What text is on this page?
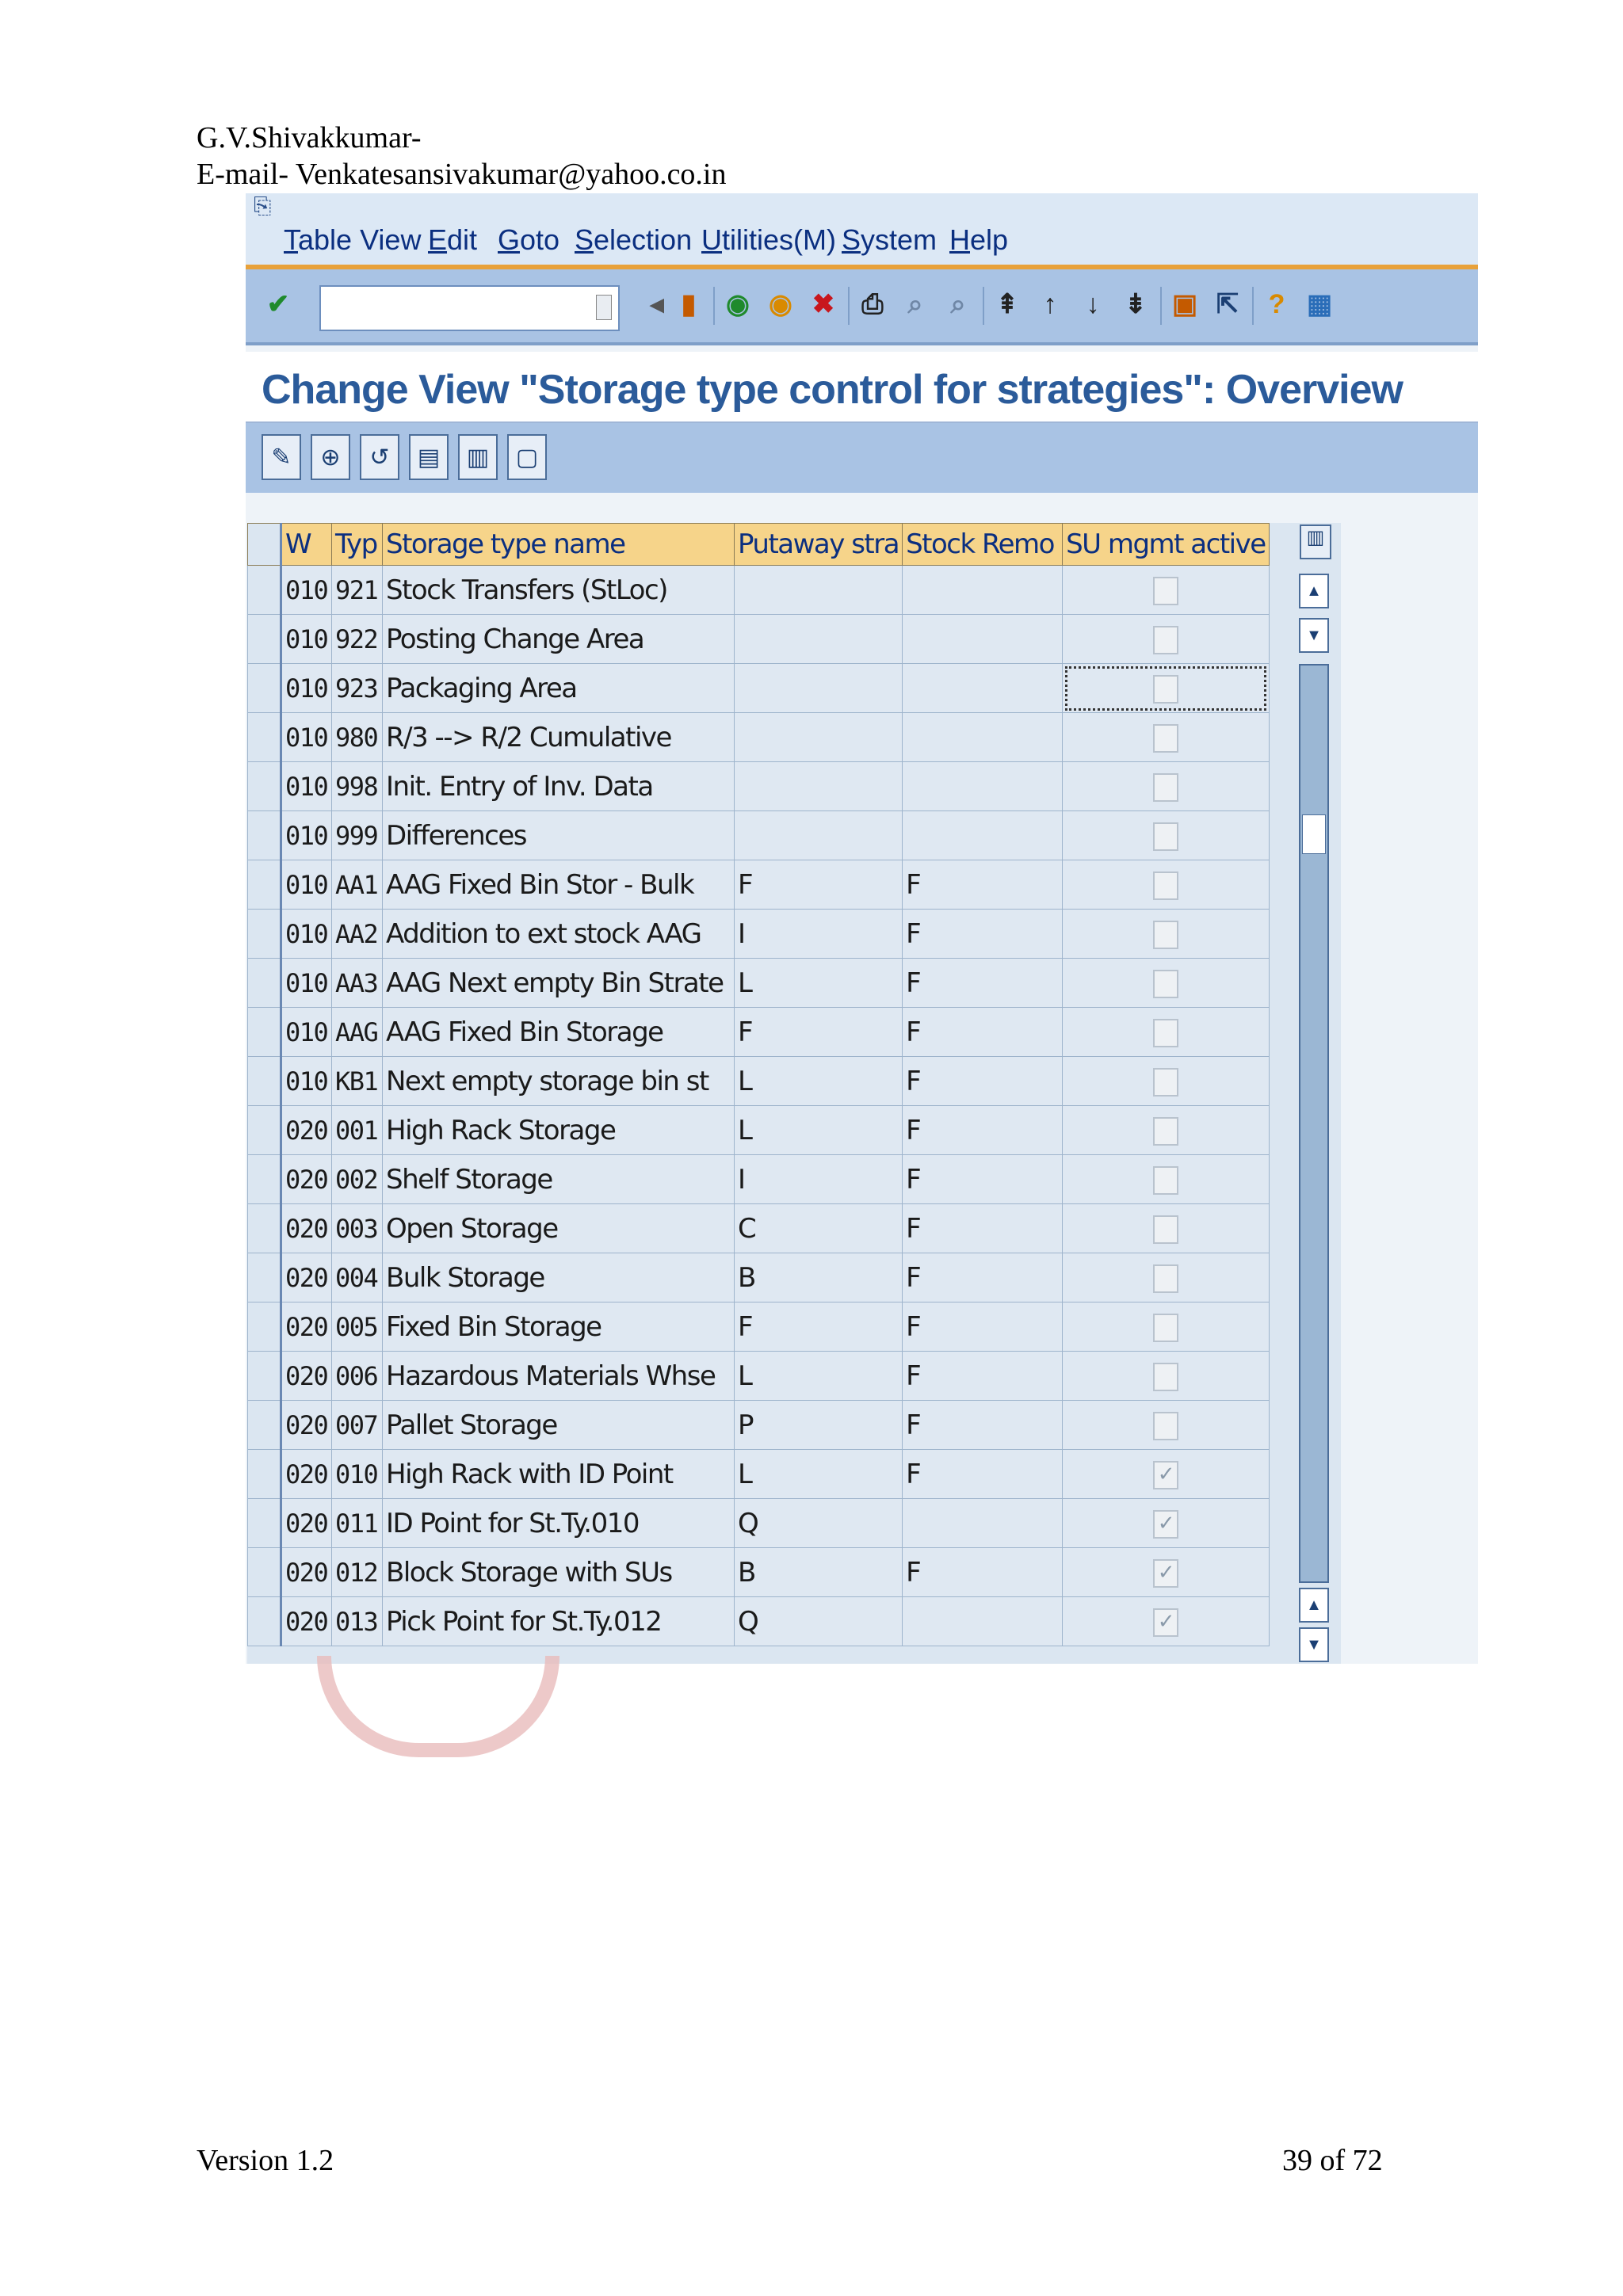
G.V.Shivakkumar-
E-mail- Venkatesansivakumar@yahoo.co.in
⎘
Table View Edit Goto Selection Utilities(M) System Help
✔	◂ ▮	◉ ◉ ✖ ⎙ ⌕	⌕	⇞ ↑	↓ ⇟ ▣ ⇱	? ▦
Change View "Storage type control for strategies": Overview
✎	⊕	↺	▤	▥	▢
	W	Typ	Storage type name	Putaway stra	Stock Remo	SU mgmt active
	010	921	Stock Transfers (StLoc)			
	010	922	Posting Change Area			
	010	923	Packaging Area			
	010	980	R/3 --> R/2 Cumulative			
	010	998	Init. Entry of Inv. Data			
	010	999	Differences			
	010	AA1	AAG Fixed Bin Stor - Bulk	F	F	
	010	AA2	Addition to ext stock AAG	I	F	
	010	AA3	AAG Next empty Bin Strate	L	F	
	010	AAG	AAG Fixed Bin Storage	F	F	
	010	KB1	Next empty storage bin st	L	F	
	020	001	High Rack Storage	L	F	
	020	002	Shelf Storage	I	F	
	020	003	Open Storage	C	F	
	020	004	Bulk Storage	B	F	
	020	005	Fixed Bin Storage	F	F	
	020	006	Hazardous Materials Whse	L	F	
	020	007	Pallet Storage	P	F	
	020	010	High Rack with ID Point	L	F	✓
	020	011	ID Point for St.Ty.010	Q		✓
	020	012	Block Storage with SUs	B	F	✓
	020	013	Pick Point for St.Ty.012	Q		✓
▥
▲
▼
▲
▼
Version 1.2	39 of 72
